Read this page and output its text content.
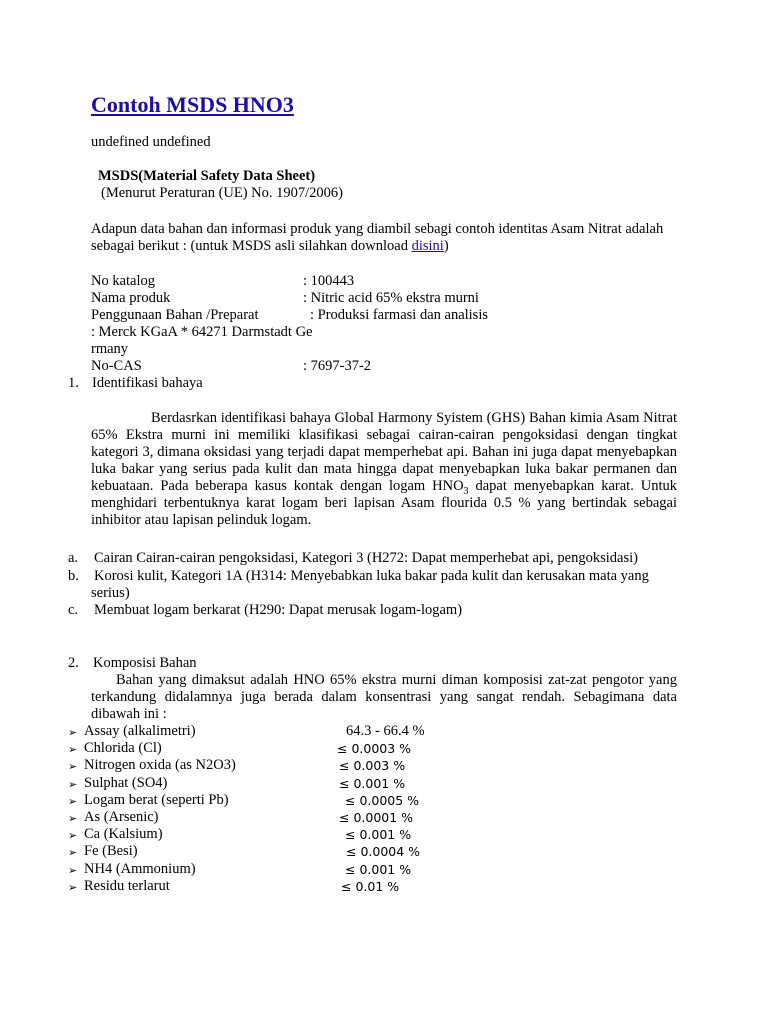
Contoh MSDS HNO3
undefined undefined
MSDS(Material Safety Data Sheet)
(Menurut Peraturan (UE) No. 1907/2006)
Adapun data bahan dan informasi produk yang diambil sebagi contoh identitas Asam Nitrat adalah sebagai berikut : (untuk MSDS asli silahkan download disini)
No katalog	: 100443
Nama produk	: Nitric acid 65% ekstra murni
Penggunaan Bahan /Preparat	: Produksi farmasi dan analisis
: Merck KGaA * 64271 Darmstadt Ge
rmany
No-CAS	: 7697-37-2
1. Identifikasi bahaya
Berdasrkan identifikasi bahaya Global Harmony Syistem (GHS) Bahan kimia Asam Nitrat 65% Ekstra murni ini memiliki klasifikasi sebagai cairan-cairan pengoksidasi dengan tingkat kategori 3, dimana oksidasi yang terjadi dapat memperhebat api. Bahan ini juga dapat menyebapkan luka bakar yang serius pada kulit dan mata hingga dapat menyebapkan luka bakar permanen dan kebuataan. Pada beberapa kasus kontak dengan logam $HNO_3$ dapat menyebapkan karat. Untuk menghidari terbentuknya karat logam beri lapisan Asam flourida 0.5 % yang bertindak sebagai inhibitor atau lapisan pelinduk logam.
a. Cairan Cairan-cairan pengoksidasi, Kategori 3 (H272: Dapat memperhebat api, pengoksidasi)
b. Korosi kulit, Kategori 1A (H314: Menyebabkan luka bakar pada kulit dan kerusakan mata yang
serius)
c. Membuat logam berkarat (H290: Dapat merusak logam-logam)
2. Komposisi Bahan
Bahan yang dimaksut adalah HNO 65% ekstra murni diman komposisi zat-zat pengotor yang terkandung didalamnya juga berada dalam konsentrasi yang sangat rendah. Sebagimana data dibawah ini :
➢ Assay (alkalimetri)	64.3 - 66.4 %
➢ Chlorida (Cl)	≤ 0.0003 %
➢ Nitrogen oxida (as N2O3)	≤ 0.003 %
➢ Sulphat (SO4)	≤ 0.001 %
➢ Logam berat (seperti Pb)	≤ 0.0005 %
➢ As (Arsenic)	≤ 0.0001 %
➢ Ca (Kalsium)	≤ 0.001 %
➢ Fe (Besi)	≤ 0.0004 %
➢ NH4 (Ammonium)	≤ 0.001 %
➢ Residu terlarut	≤ 0.01 %
